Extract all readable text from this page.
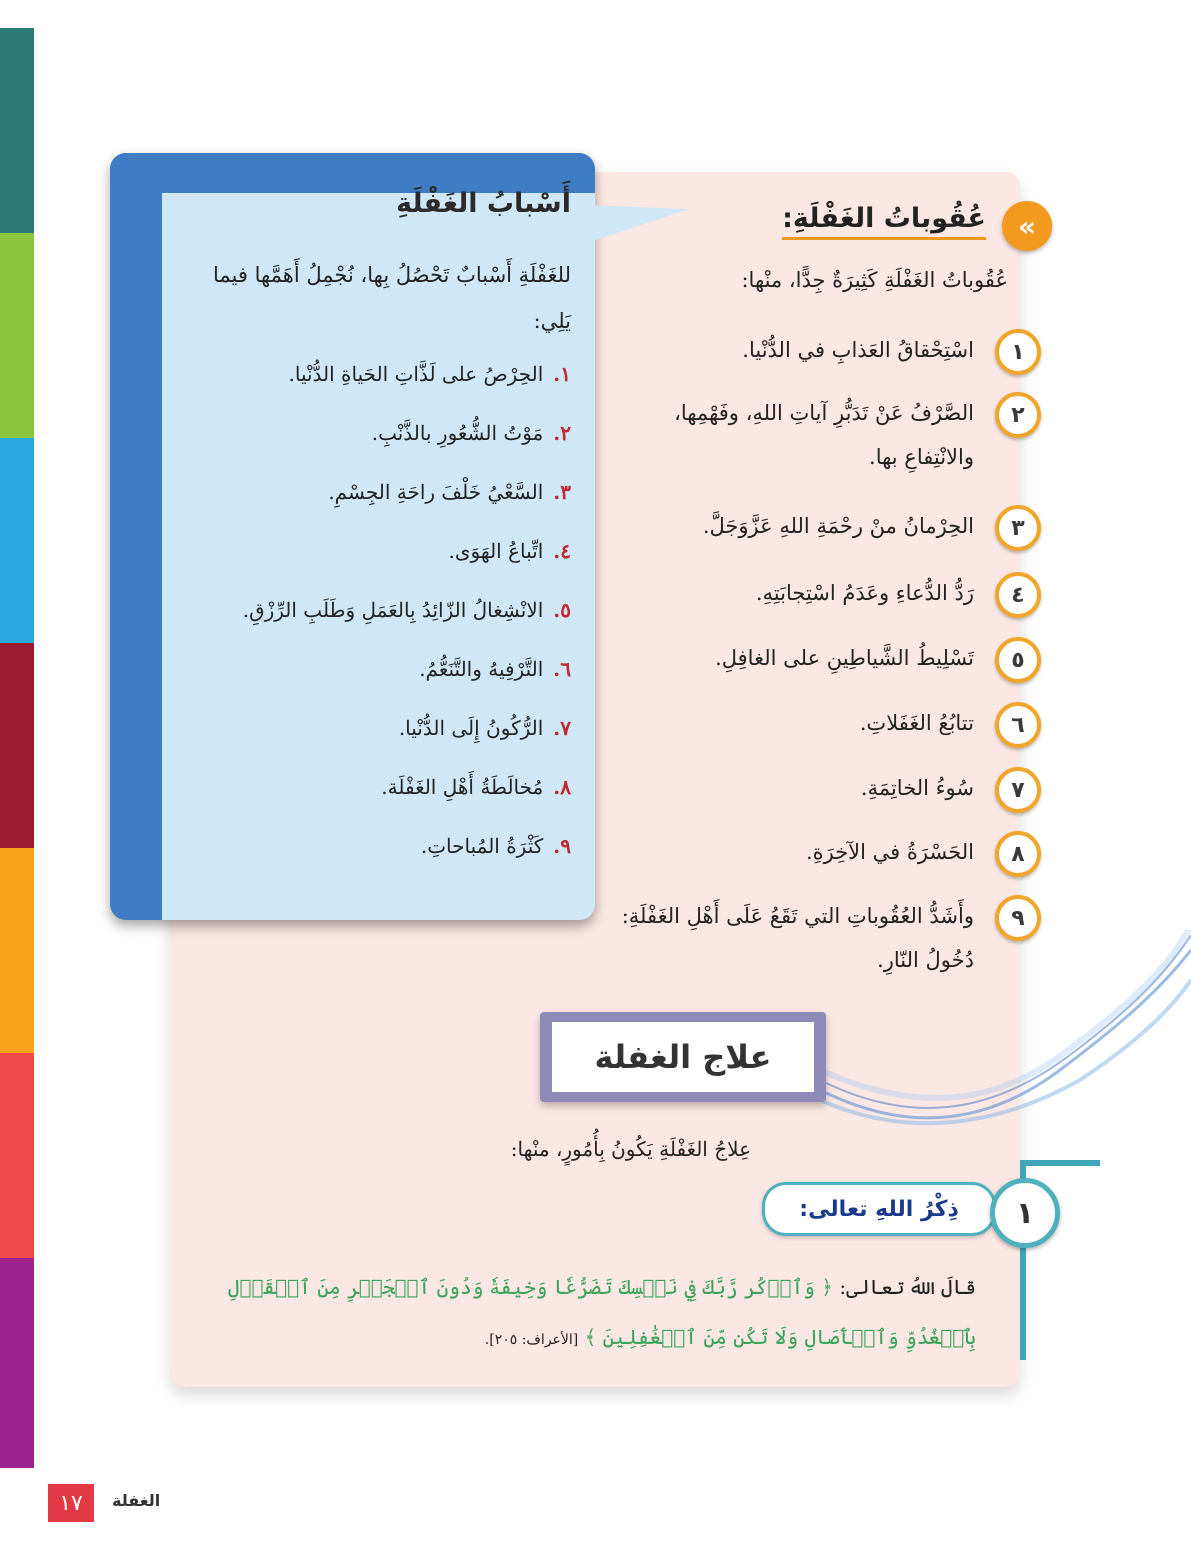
أَسْبابُ الغَفْلَةِ
للغَفْلَةِ أَسْبابٌ تَحْصُلُ بِها، نُجْمِلُ أَهَمَّها فيما يَلِي:
١.
الحِرْصُ على لَذَّاتِ الحَياةِ الدُّنْيا.
٢.
مَوْتُ الشُّعُورِ بالذَّنْبِ.
٣.
السَّعْيُ خَلْفَ راحَةِ الجِسْمِ.
٤.
اتِّباعُ الهَوَى.
٥.
الانْشِغالُ الزّائِدُ بِالعَمَلِ وَطَلَبِ الرِّزْقِ.
٦.
التَّرْفِيهُ والتَّنَعُّمُ.
٧.
الرُّكُونُ إِلَى الدُّنْيا.
٨.
مُخالَطَةُ أَهْلِ الغَفْلَة.
٩.
كَثْرَةُ المُباحاتِ.
»
عُقُوباتُ الغَفْلَةِ:
عُقُوباتُ الغَفْلَةِ كَثِيرَةٌ جِدًّا، منْها:
١
اسْتِحْقاقُ العَذابِ في الدُّنْيا.
٢
الصَّرْفُ عَنْ تَدَبُّرِ آياتِ اللهِ، وفَهْمِها، والانْتِفاعِ بها.
٣
الحِرْمانُ منْ رحْمَةِ اللهِ عَزَّوَجَلَّ.
٤
رَدُّ الدُّعاءِ وعَدَمُ اسْتِجابَتِهِ.
٥
تَسْلِيطُ الشَّياطِينِ على الغافِلِ.
٦
تتابُعُ الغَفَلاتِ.
٧
سُوءُ الخاتِمَةِ.
٨
الحَسْرَةُ في الآخِرَةِ.
٩
وأَشَدُّ العُقُوباتِ التي تَقَعُ عَلَى أَهْلِ الغَفْلَةِ: دُخُولُ النّارِ.
علاج الغفلة
عِلاجُ الغَفْلَةِ يَكُونُ بِأُمُورٍ، منْها:
ذِكْرُ اللهِ تعالى:	١
قالَ اللهُ تعالى: ﴿ وَٱذۡكُر رَّبَّكَ فِي نَفۡسِكَ تَضَرُّعٗا وَخِيفَةٗ وَدُونَ ٱلۡجَهۡرِ مِنَ ٱلۡقَوۡلِ بِٱلۡغُدُوِّ وَٱلۡأٓصَالِ وَلَا تَكُن مِّنَ ٱلۡغَٰفِلِينَ ﴾ [الأعراف: ٢٠٥].
١٧	الغفلة
